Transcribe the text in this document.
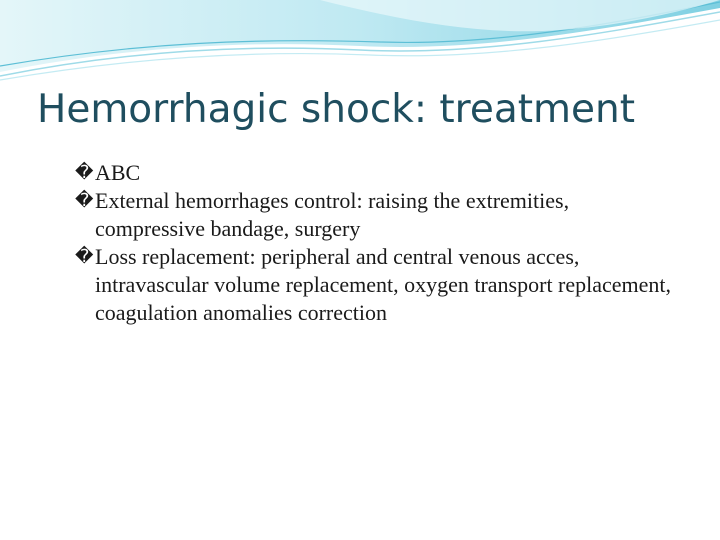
Hemorrhagic shock: treatment
� ABC
� External hemorrhages control: raising the extremities, compressive bandage, surgery
� Loss replacement: peripheral and central venous acces, intravascular volume replacement, oxygen transport replacement, coagulation anomalies correction
